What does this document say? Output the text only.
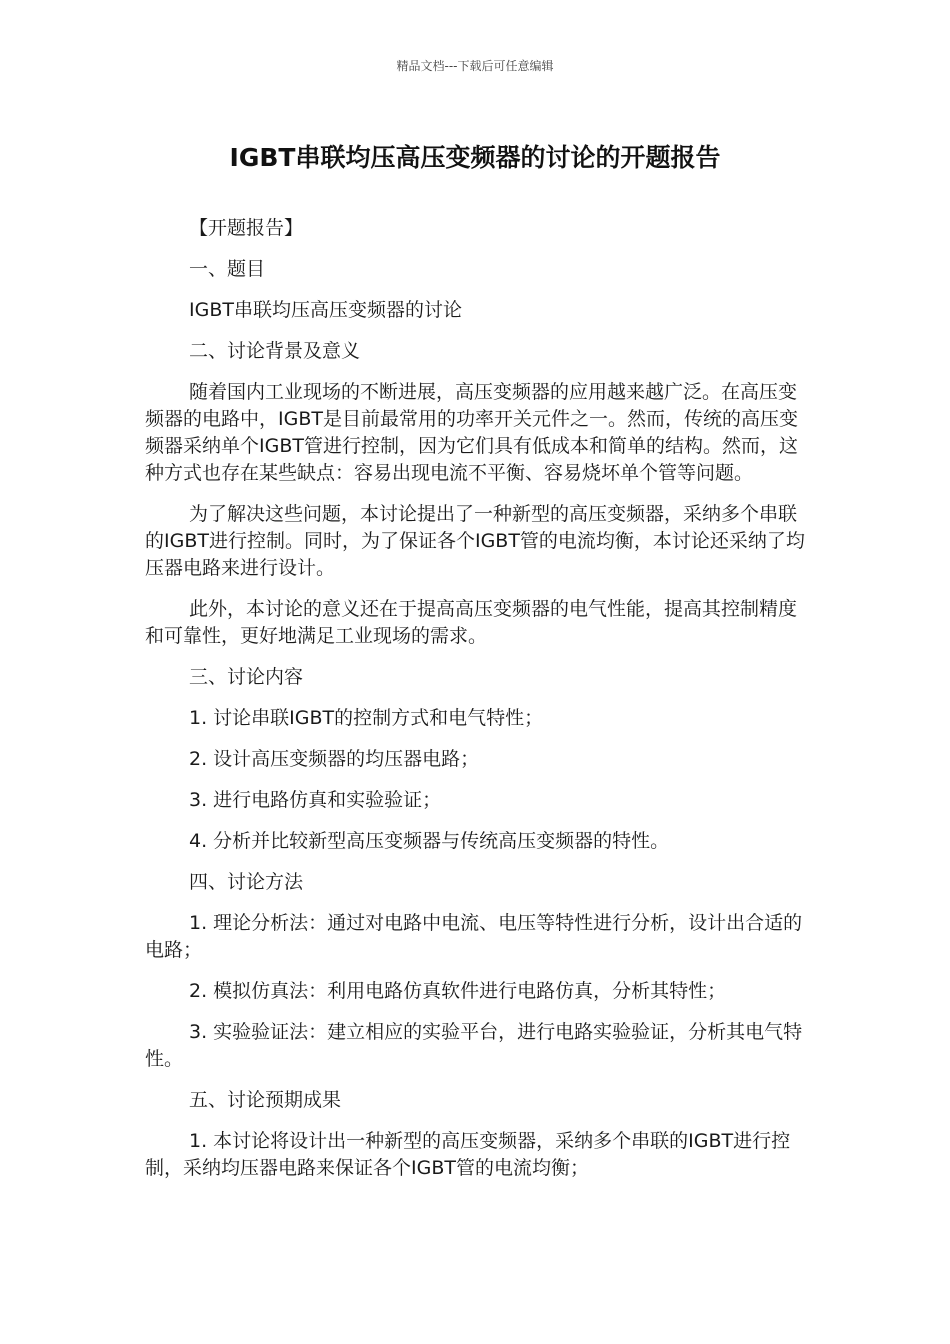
精品文档---下载后可任意编辑
IGBT串联均压高压变频器的讨论的开题报告

【开题报告】

一、题目

IGBT串联均压高压变频器的讨论

二、讨论背景及意义

随着国内工业现场的不断进展，高压变频器的应用越来越广泛。在高压变频器的电路中，IGBT是目前最常用的功率开关元件之一。然而，传统的高压变频器采纳单个IGBT管进行控制，因为它们具有低成本和简单的结构。然而，这种方式也存在某些缺点：容易出现电流不平衡、容易烧坏单个管等问题。

为了解决这些问题，本讨论提出了一种新型的高压变频器，采纳多个串联的IGBT进行控制。同时，为了保证各个IGBT管的电流均衡，本讨论还采纳了均压器电路来进行设计。

此外，本讨论的意义还在于提高高压变频器的电气性能，提高其控制精度和可靠性，更好地满足工业现场的需求。

三、讨论内容

1. 讨论串联IGBT的控制方式和电气特性；

2. 设计高压变频器的均压器电路；

3. 进行电路仿真和实验验证；

4. 分析并比较新型高压变频器与传统高压变频器的特性。

四、讨论方法

1. 理论分析法：通过对电路中电流、电压等特性进行分析，设计出合适的电路；

2. 模拟仿真法：利用电路仿真软件进行电路仿真，分析其特性；

3. 实验验证法：建立相应的实验平台，进行电路实验验证，分析其电气特性。

五、讨论预期成果

1. 本讨论将设计出一种新型的高压变频器，采纳多个串联的IGBT进行控制，采纳均压器电路来保证各个IGBT管的电流均衡；
